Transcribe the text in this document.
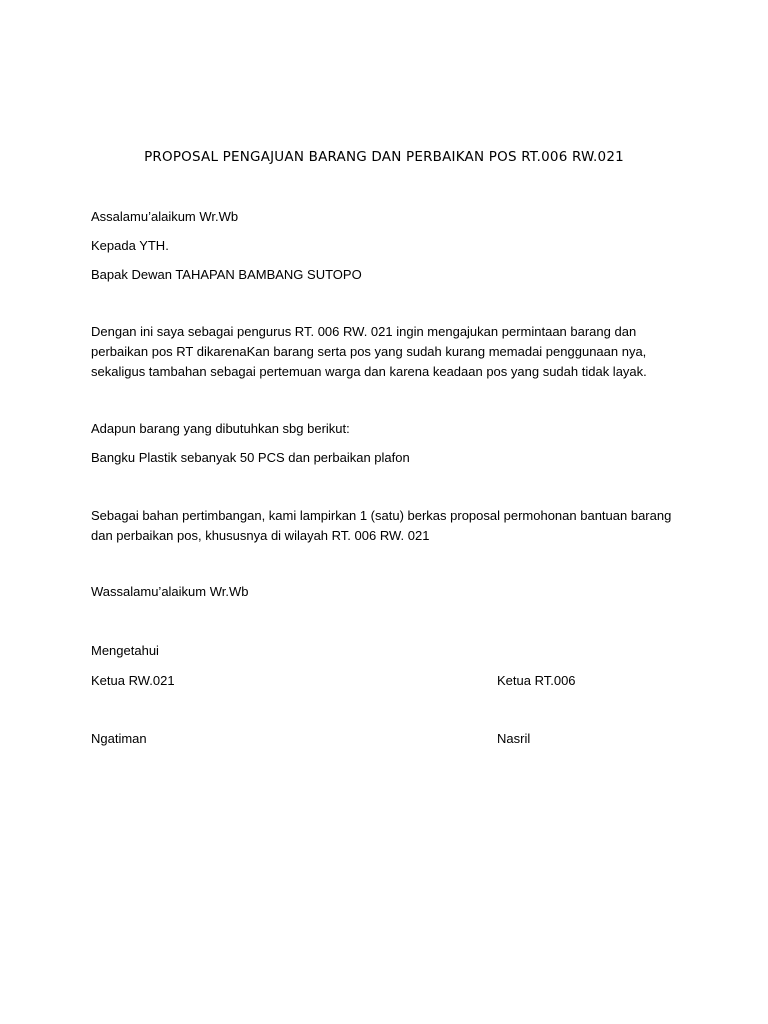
PROPOSAL PENGAJUAN BARANG DAN PERBAIKAN POS RT.006 RW.021
Assalamu’alaikum Wr.Wb
Kepada YTH.
Bapak Dewan TAHAPAN BAMBANG SUTOPO
Dengan ini saya sebagai pengurus RT. 006 RW. 021 ingin mengajukan permintaan barang dan perbaikan pos RT dikarenaKan barang serta pos yang sudah kurang memadai penggunaan nya, sekaligus tambahan sebagai pertemuan warga dan karena keadaan pos yang sudah tidak layak.
Adapun barang yang dibutuhkan sbg berikut:
Bangku Plastik sebanyak 50 PCS dan perbaikan plafon
Sebagai bahan pertimbangan, kami lampirkan 1 (satu) berkas proposal permohonan bantuan barang dan perbaikan pos, khususnya di wilayah RT. 006 RW. 021
Wassalamu’alaikum Wr.Wb
Mengetahui
Ketua RW.021	Ketua RT.006
Ngatiman	Nasril
